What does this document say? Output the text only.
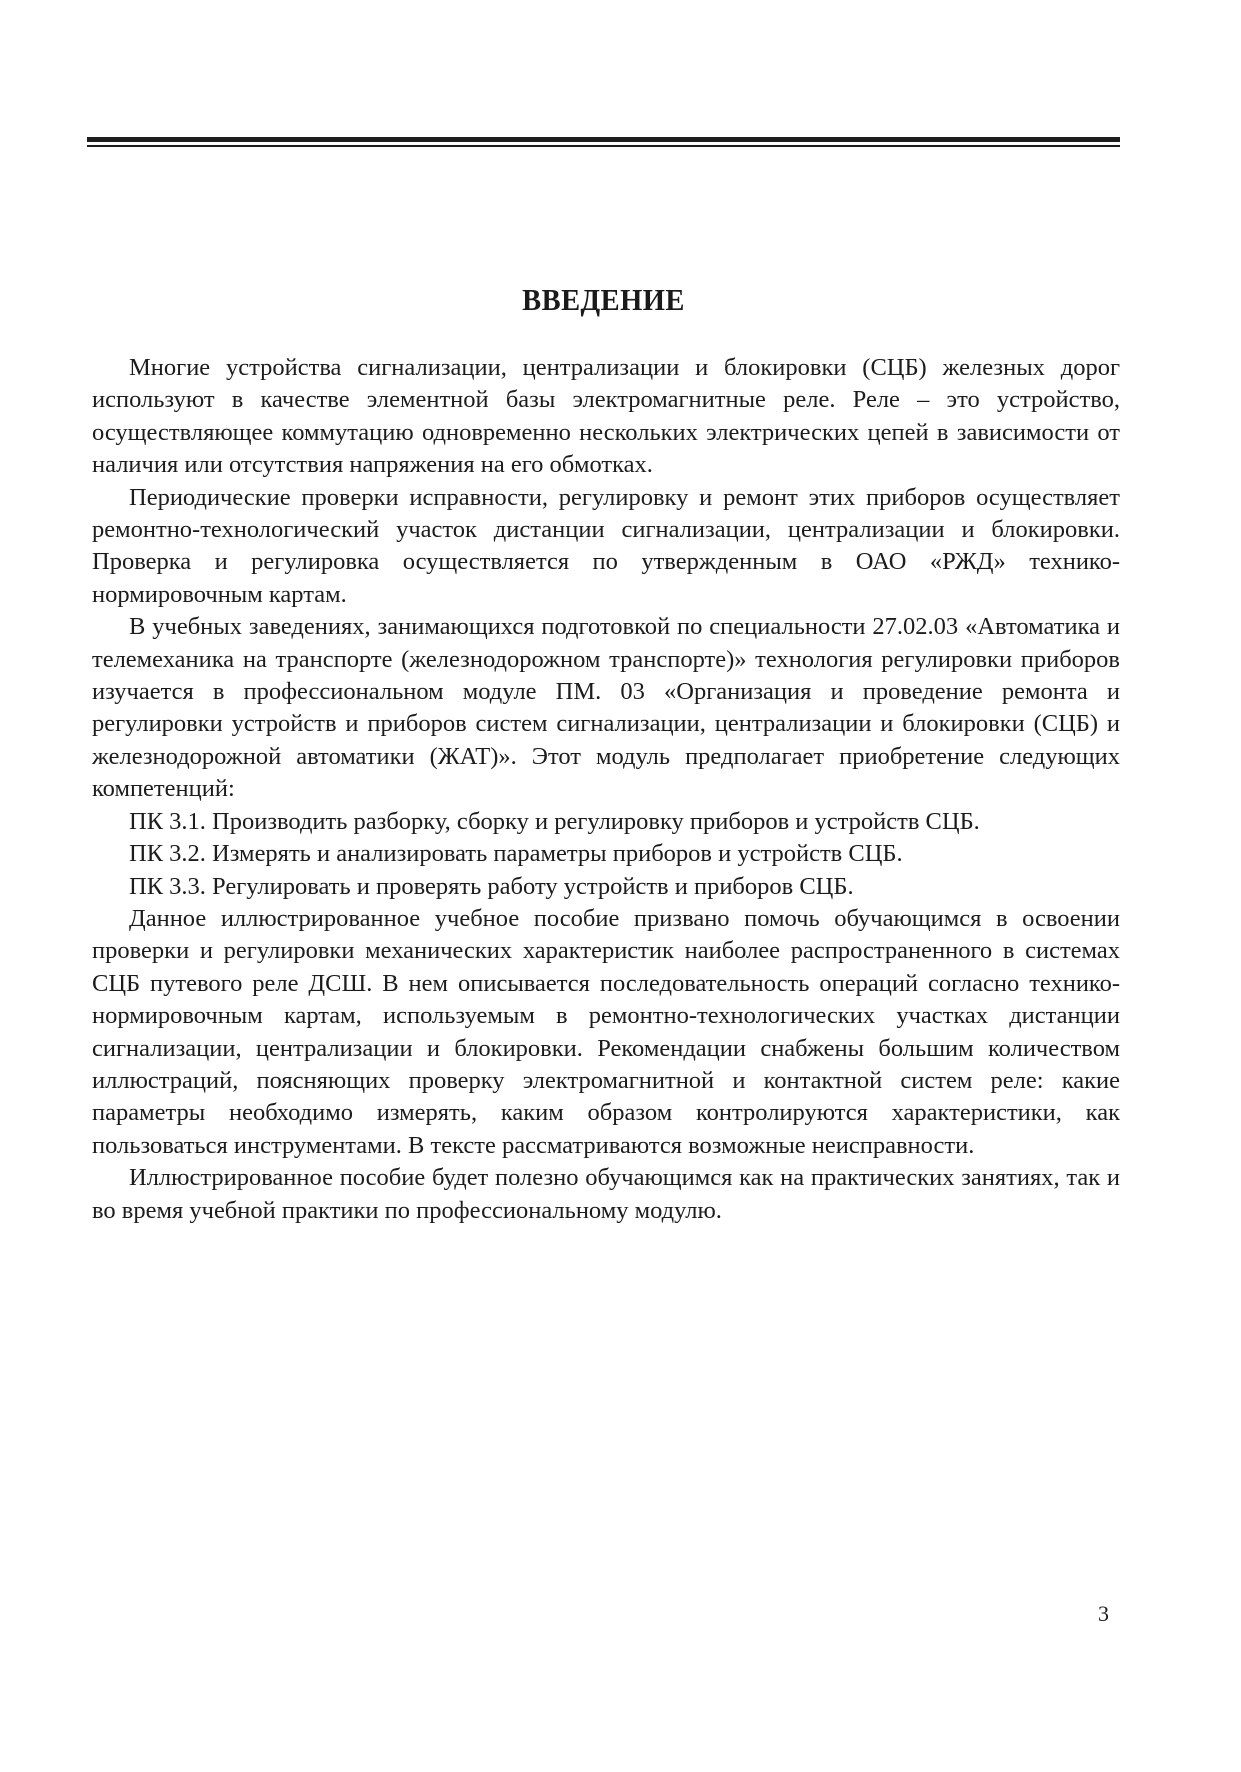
ВВЕДЕНИЕ

Многие устройства сигнализации, централизации и блокировки (СЦБ) железных дорог используют в качестве элементной базы электромагнитные реле. Реле – это устройство, осуществляющее коммутацию одновременно нескольких электрических цепей в зависимости от наличия или отсутствия напряжения на его обмотках.

Периодические проверки исправности, регулировку и ремонт этих приборов осуществляет ремонтно-технологический участок дистанции сигнализации, централизации и блокировки. Проверка и регулировка осуществляется по утвержденным в ОАО «РЖД» технико-нормировочным картам.

В учебных заведениях, занимающихся подготовкой по специальности 27.02.03 «Автоматика и телемеханика на транспорте (железнодорожном транспорте)» технология регулировки приборов изучается в профессиональном модуле ПМ. 03 «Организация и проведение ремонта и регулировки устройств и приборов систем сигнализации, централизации и блокировки (СЦБ) и железнодорожной автоматики (ЖАТ)». Этот модуль предполагает приобретение следующих компетенций:

ПК 3.1. Производить разборку, сборку и регулировку приборов и устройств СЦБ.

ПК 3.2. Измерять и анализировать параметры приборов и устройств СЦБ.

ПК 3.3. Регулировать и проверять работу устройств и приборов СЦБ.

Данное иллюстрированное учебное пособие призвано помочь обучающимся в освоении проверки и регулировки механических характеристик наиболее распространенного в системах СЦБ путевого реле ДСШ. В нем описывается последовательность операций согласно технико-нормировочным картам, используемым в ремонтно-технологических участках дистанции сигнализации, централизации и блокировки. Рекомендации снабжены большим количеством иллюстраций, поясняющих проверку электромагнитной и контактной систем реле: какие параметры необходимо измерять, каким образом контролируются характеристики, как пользоваться инструментами. В тексте рассматриваются возможные неисправности.

Иллюстрированное пособие будет полезно обучающимся как на практических занятиях, так и во время учебной практики по профессиональному модулю.

3
